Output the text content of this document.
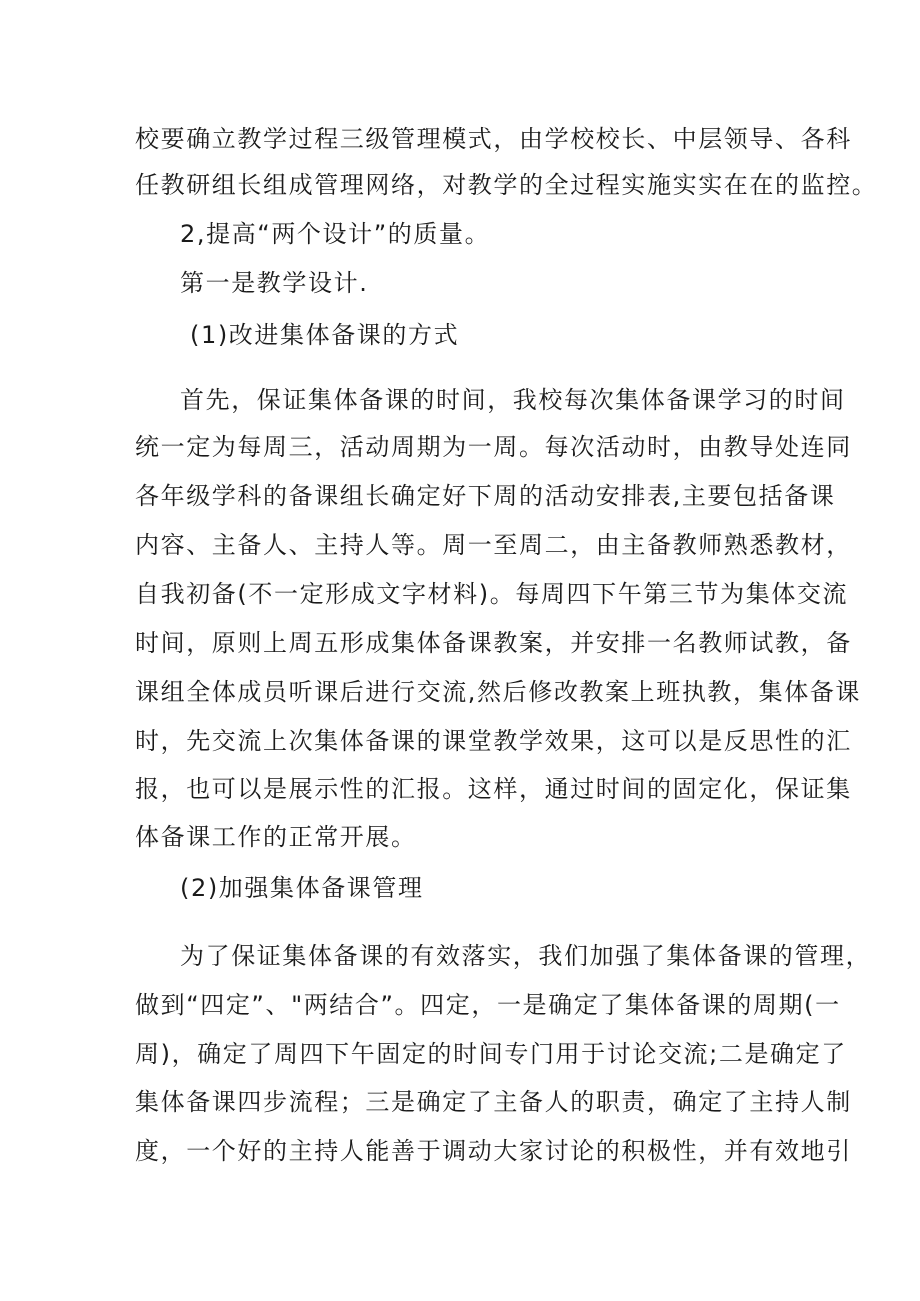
校要确立教学过程三级管理模式，由学校校长、中层领导、各科
任教研组长组成管理网络，对教学的全过程实施实实在在的监控。
2,提高“两个设计”的质量。
第一是教学设计.
(1)改进集体备课的方式
首先，保证集体备课的时间，我校每次集体备课学习的时间
统一定为每周三，活动周期为一周。每次活动时，由教导处连同
各年级学科的备课组长确定好下周的活动安排表,主要包括备课
内容、主备人、主持人等。周一至周二，由主备教师熟悉教材，
自我初备(不一定形成文字材料)。每周四下午第三节为集体交流
时间，原则上周五形成集体备课教案，并安排一名教师试教，备
课组全体成员听课后进行交流,然后修改教案上班执教，集体备课
时，先交流上次集体备课的课堂教学效果，这可以是反思性的汇
报，也可以是展示性的汇报。这样，通过时间的固定化，保证集
体备课工作的正常开展。
(2)加强集体备课管理
为了保证集体备课的有效落实，我们加强了集体备课的管理，
做到“四定”、"两结合”。四定，一是确定了集体备课的周期(一
周)，确定了周四下午固定的时间专门用于讨论交流;二是确定了
集体备课四步流程；三是确定了主备人的职责，确定了主持人制
度，一个好的主持人能善于调动大家讨论的积极性，并有效地引
